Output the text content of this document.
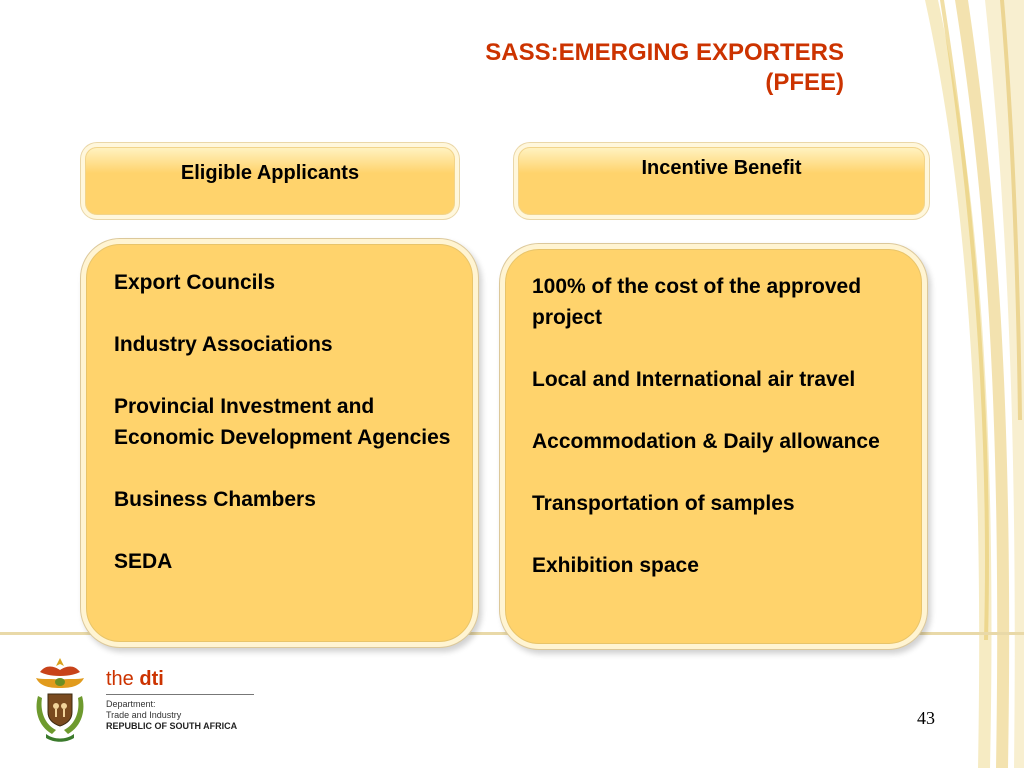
SASS:EMERGING EXPORTERS (PFEE)
Eligible Applicants	Incentive Benefit
Export Councils
Industry Associations
Provincial Investment and Economic Development Agencies
Business Chambers
SEDA
100% of the cost of the approved project
Local and International air travel
Accommodation & Daily allowance
Transportation of samples
Exhibition space
the dti
Department:
Trade and Industry
REPUBLIC OF SOUTH AFRICA	43
